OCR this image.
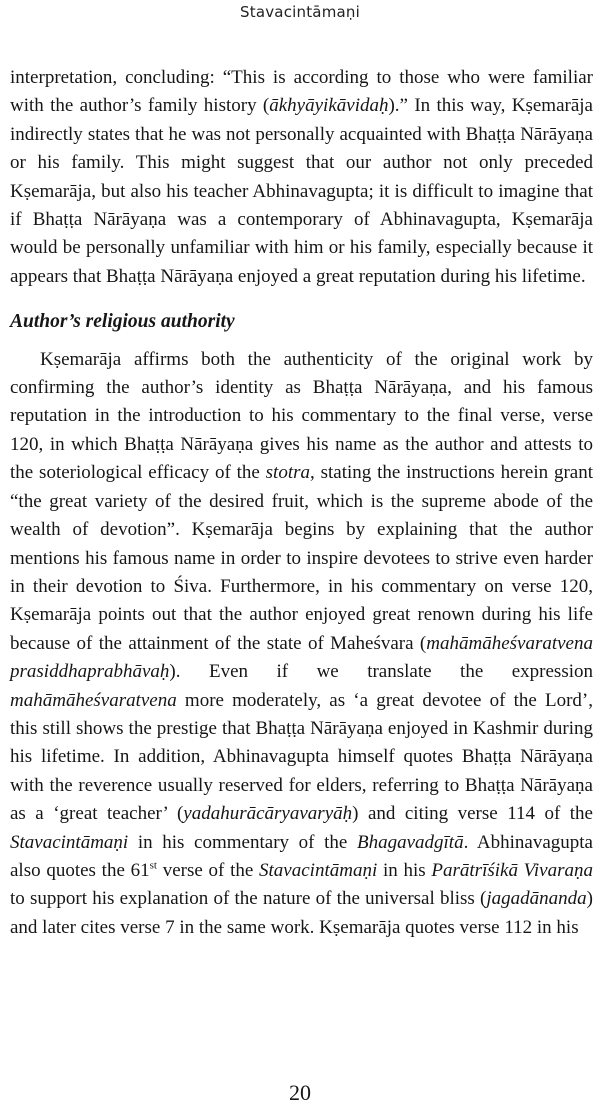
Stavacintāmaṇi

interpretation, concluding: “This is according to those who were familiar with the author’s family history (ākhyāyikāvidaḥ).” In this way, Kṣemarāja indirectly states that he was not personally acquainted with Bhaṭṭa Nārāyaṇa or his family. This might suggest that our author not only preceded Kṣemarāja, but also his teacher Abhinavagupta; it is difficult to imagine that if Bhaṭṭa Nārāyaṇa was a contemporary of Abhinavagupta, Kṣemarāja would be personally unfamiliar with him or his family, especially because it appears that Bhaṭṭa Nārāyaṇa enjoyed a great reputation during his lifetime.

Author’s religious authority

Kṣemarāja affirms both the authenticity of the original work by confirming the author’s identity as Bhaṭṭa Nārāyaṇa, and his famous reputation in the introduction to his commentary to the final verse, verse 120, in which Bhaṭṭa Nārāyaṇa gives his name as the author and attests to the soteriological efficacy of the stotra, stating the instructions herein grant “the great variety of the desired fruit, which is the supreme abode of the wealth of devotion”. Kṣemarāja begins by explaining that the author mentions his famous name in order to inspire devotees to strive even harder in their devotion to Śiva. Furthermore, in his commentary on verse 120, Kṣemarāja points out that the author enjoyed great renown during his life because of the attainment of the state of Maheśvara (mahāmāheśvaratvena prasiddhaprabhāvaḥ). Even if we translate the expression mahāmāheśvaratvena more moderately, as ‘a great devotee of the Lord’, this still shows the prestige that Bhaṭṭa Nārāyaṇa enjoyed in Kashmir during his lifetime. In addition, Abhinavagupta himself quotes Bhaṭṭa Nārāyaṇa with the reverence usually reserved for elders, referring to Bhaṭṭa Nārāyaṇa as a ‘great teacher’ (yadahurācāryavaryāḥ) and citing verse 114 of the Stavacintāmaṇi in his commentary of the Bhagavadgītā. Abhinavagupta also quotes the 61st verse of the Stavacintāmaṇi in his Parātrīśikā Vivaraṇa to support his explanation of the nature of the universal bliss (jagadānanda) and later cites verse 7 in the same work. Kṣemarāja quotes verse 112 in his

20
